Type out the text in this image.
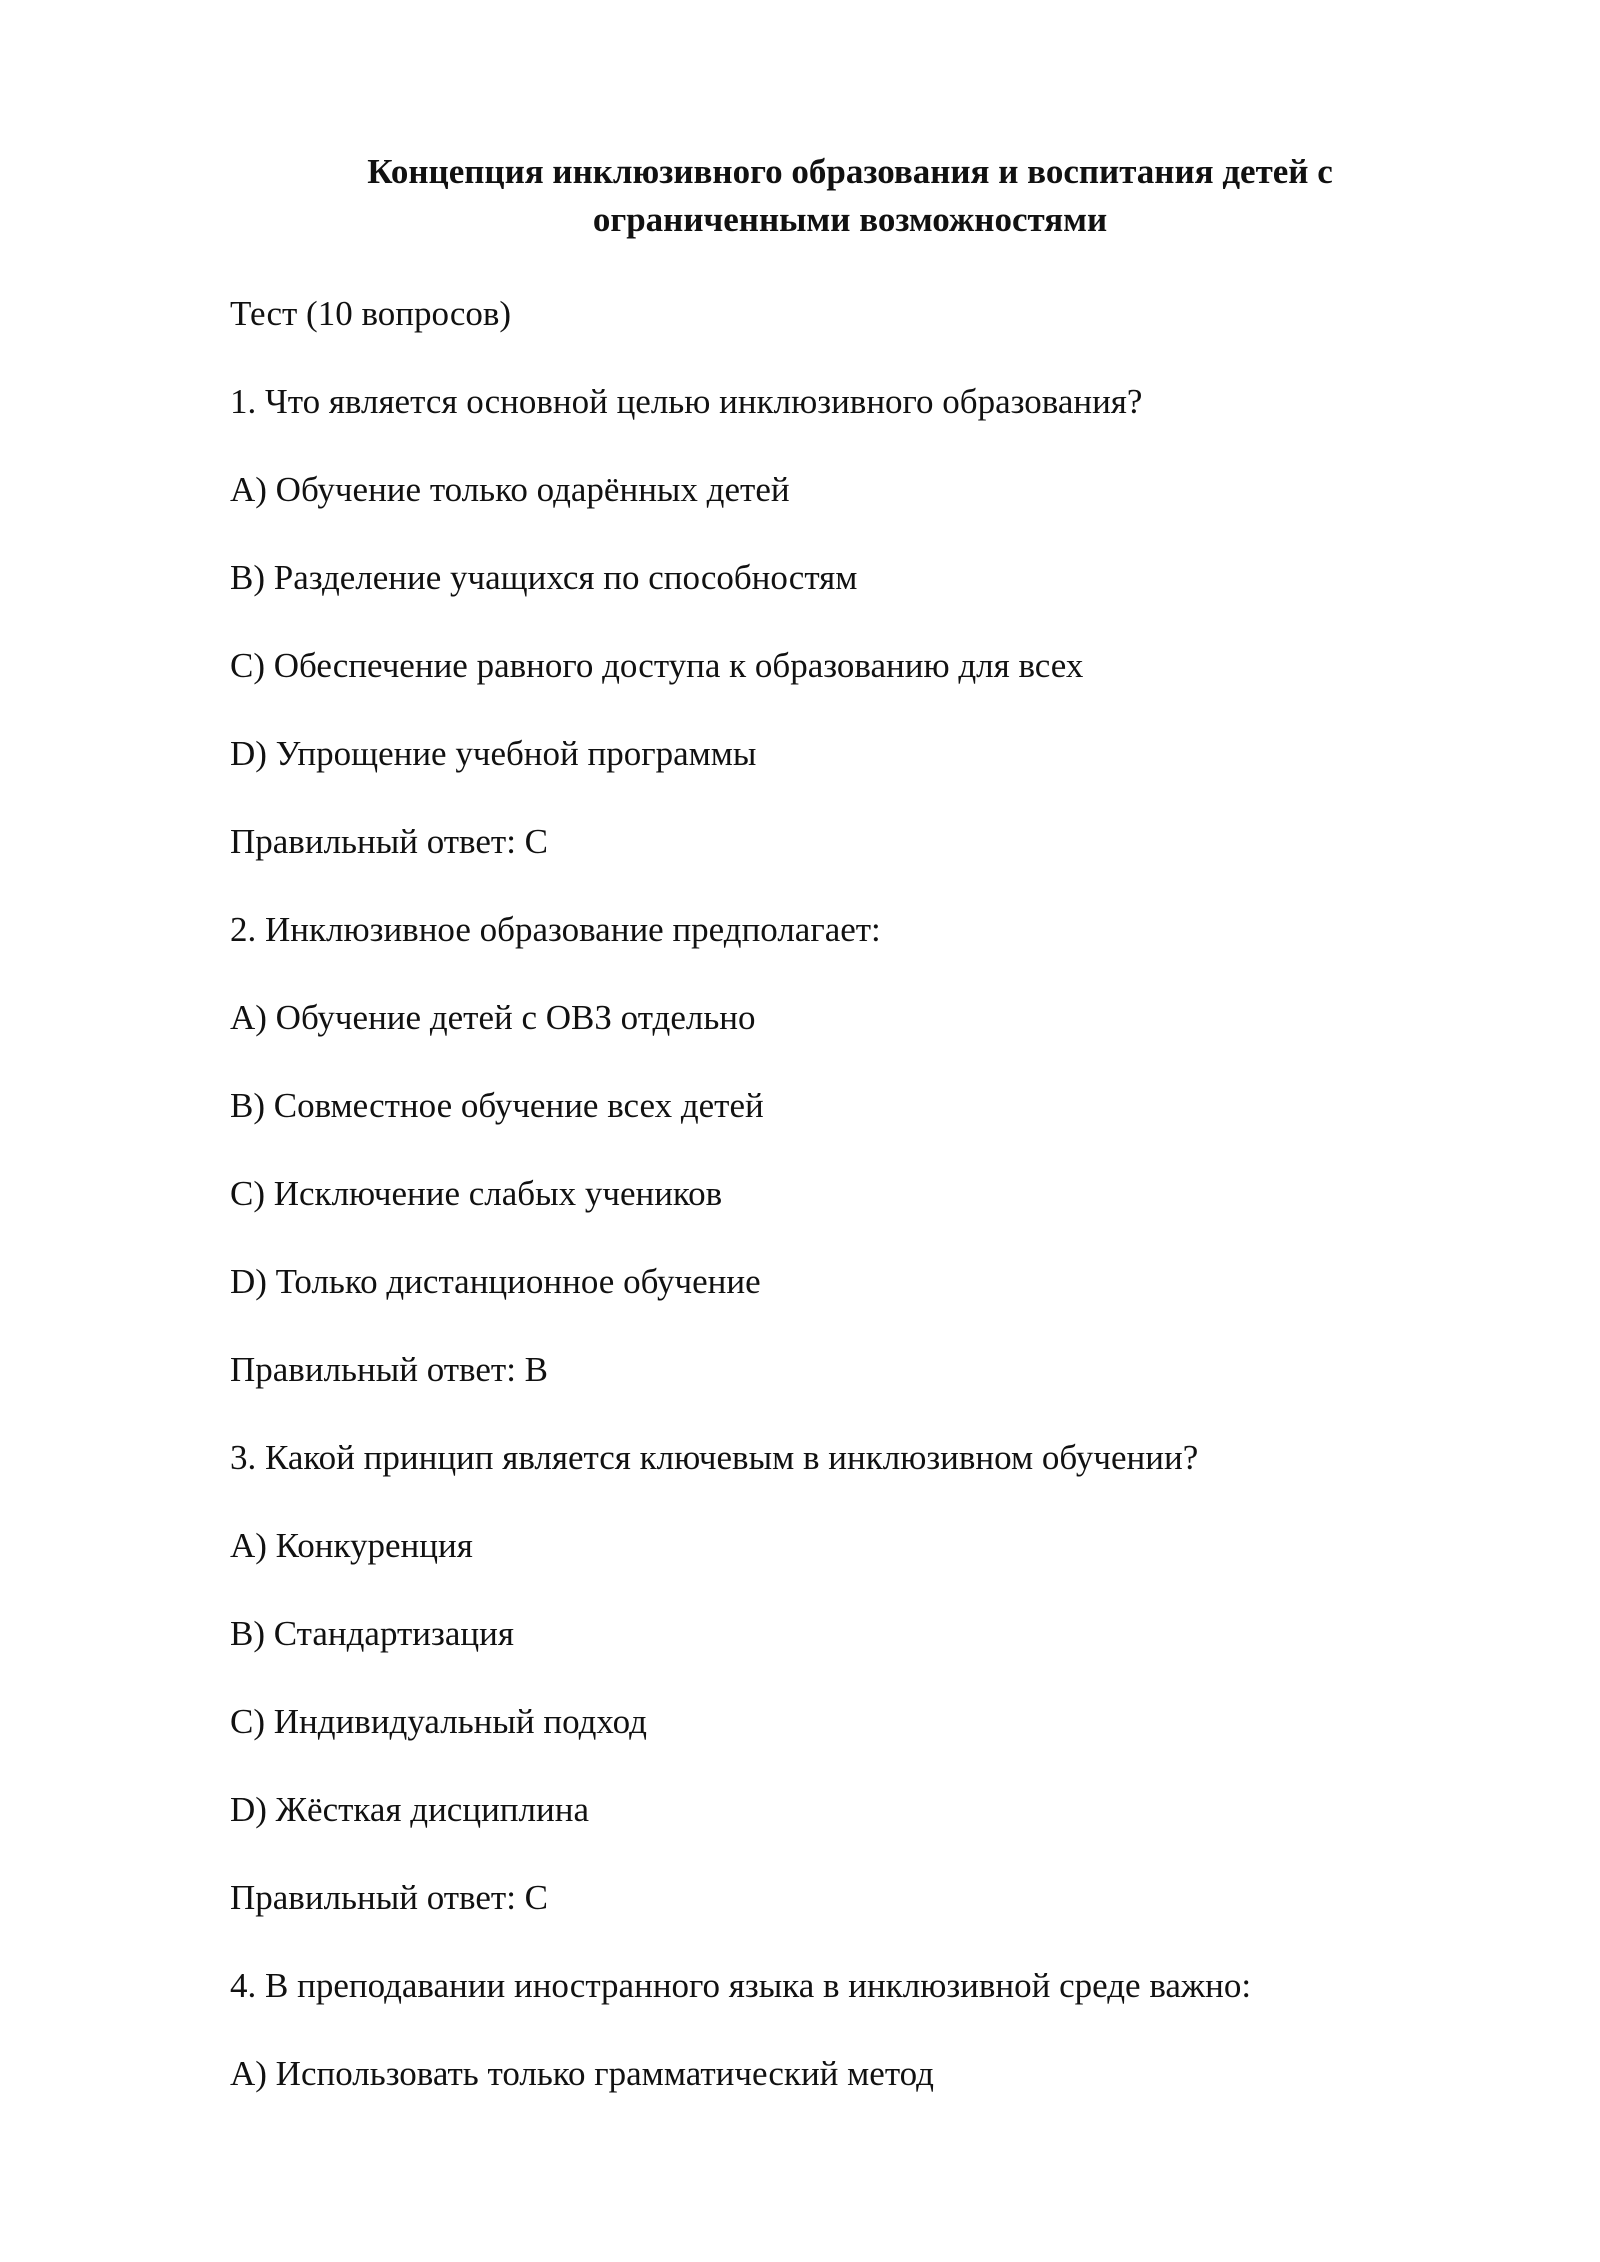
Концепция инклюзивного образования и воспитания детей с
ограниченными возможностями
Тест (10 вопросов)
1. Что является основной целью инклюзивного образования?
А) Обучение только одарённых детей
B) Разделение учащихся по способностям
C) Обеспечение равного доступа к образованию для всех
D) Упрощение учебной программы
Правильный ответ: C
2. Инклюзивное образование предполагает:
А) Обучение детей с ОВЗ отдельно
B) Совместное обучение всех детей
C) Исключение слабых учеников
D) Только дистанционное обучение
Правильный ответ: B
3. Какой принцип является ключевым в инклюзивном обучении?
А) Конкуренция
B) Стандартизация
C) Индивидуальный подход
D) Жёсткая дисциплина
Правильный ответ: C
4. В преподавании иностранного языка в инклюзивной среде важно:
А) Использовать только грамматический метод
